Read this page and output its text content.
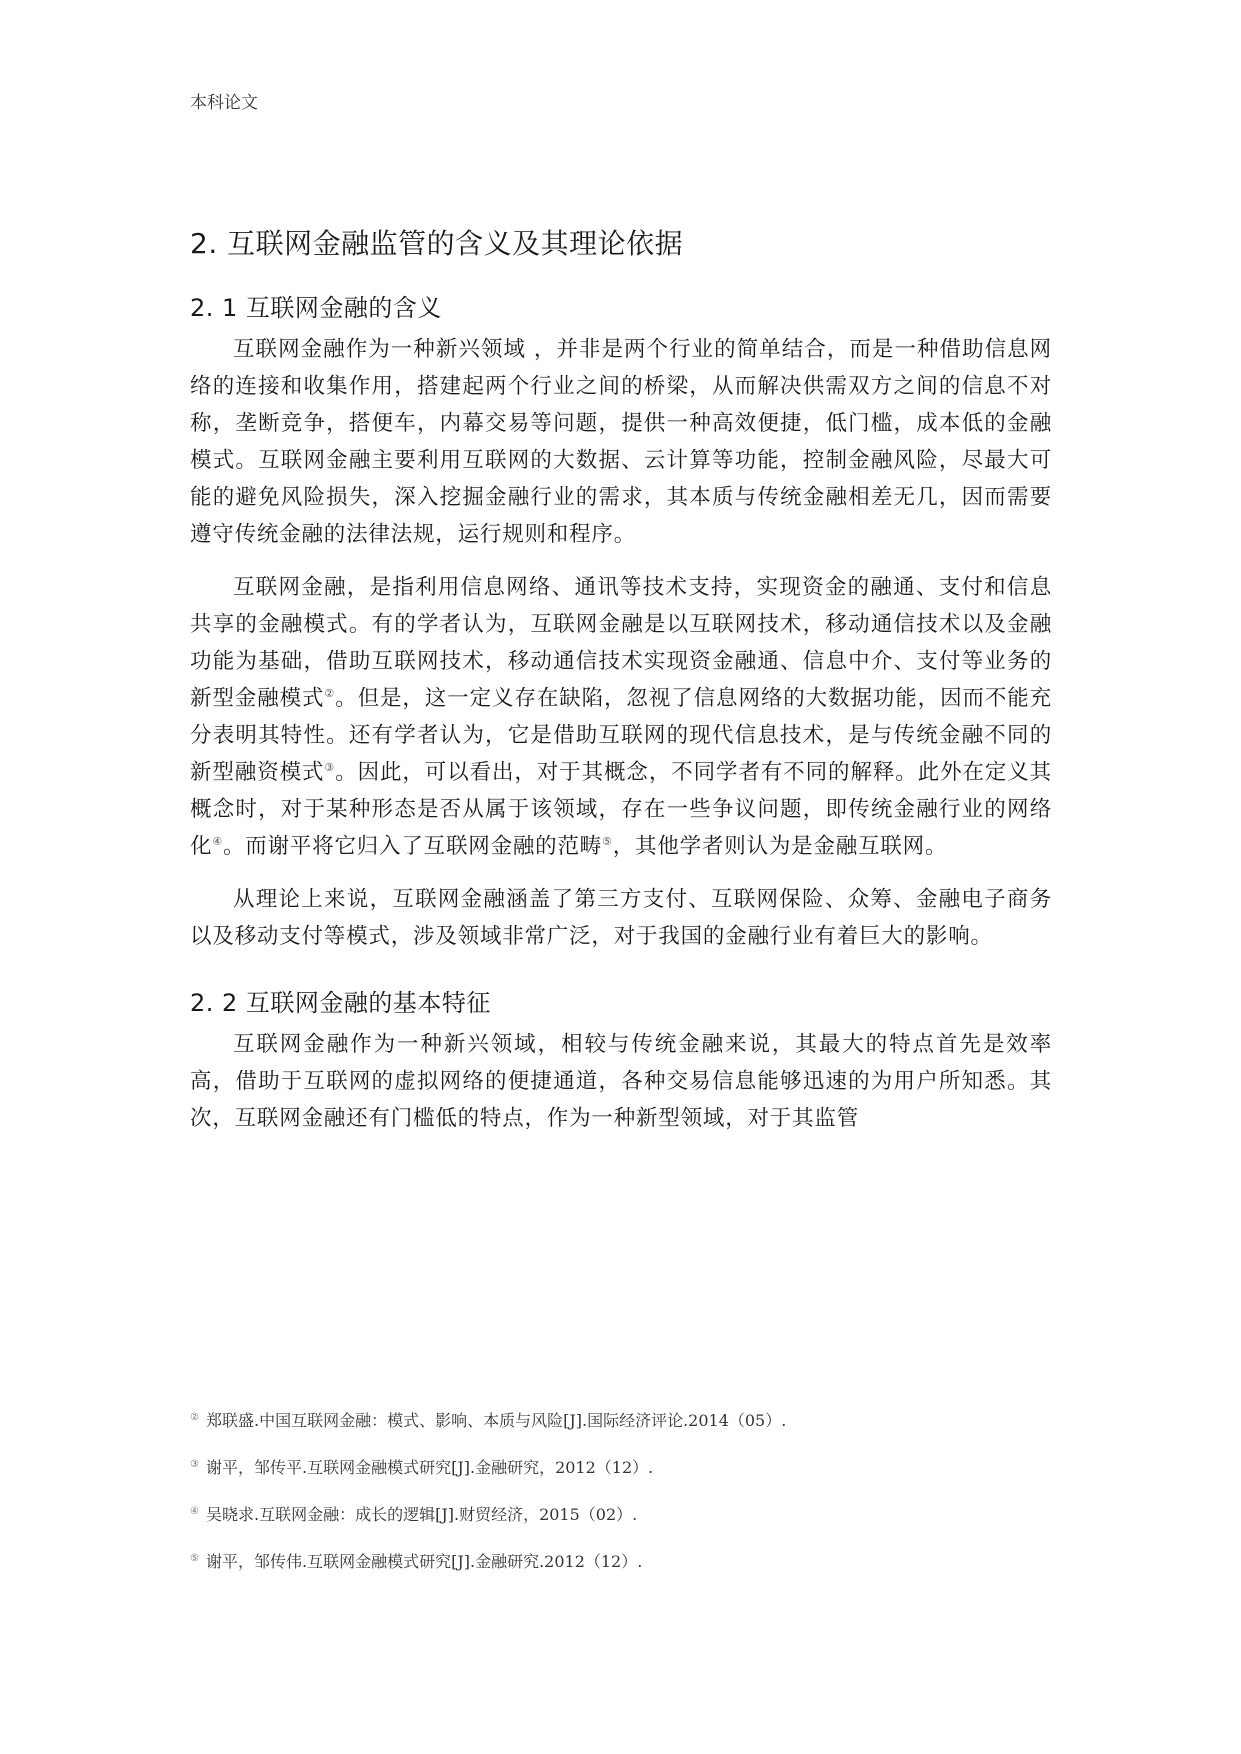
本科论文
2. 互联网金融监管的含义及其理论依据
2. 1 互联网金融的含义

互联网金融作为一种新兴领域 ，并非是两个行业的简单结合，而是一种借助信息网络的连接和收集作用，搭建起两个行业之间的桥梁，从而解决供需双方之间的信息不对称，垄断竞争，搭便车，内幕交易等问题，提供一种高效便捷，低门槛，成本低的金融模式。互联网金融主要利用互联网的大数据、云计算等功能，控制金融风险，尽最大可能的避免风险损失，深入挖掘金融行业的需求，其本质与传统金融相差无几，因而需要遵守传统金融的法律法规，运行规则和程序。

互联网金融，是指利用信息网络、通讯等技术支持，实现资金的融通、支付和信息共享的金融模式。有的学者认为，互联网金融是以互联网技术，移动通信技术以及金融功能为基础，借助互联网技术，移动通信技术实现资金融通、信息中介、支付等业务的新型金融模式②。但是，这一定义存在缺陷，忽视了信息网络的大数据功能，因而不能充分表明其特性。还有学者认为，它是借助互联网的现代信息技术，是与传统金融不同的新型融资模式③。因此，可以看出，对于其概念，不同学者有不同的解释。此外在定义其概念时，对于某种形态是否从属于该领域，存在一些争议问题，即传统金融行业的网络化④。而谢平将它归入了互联网金融的范畴⑤，其他学者则认为是金融互联网。

从理论上来说，互联网金融涵盖了第三方支付、互联网保险、众筹、金融电子商务以及移动支付等模式，涉及领域非常广泛，对于我国的金融行业有着巨大的影响。

2. 2 互联网金融的基本特征

互联网金融作为一种新兴领域，相较与传统金融来说，其最大的特点首先是效率高，借助于互联网的虚拟网络的便捷通道，各种交易信息能够迅速的为用户所知悉。其次，互联网金融还有门槛低的特点，作为一种新型领域，对于其监管

② 郑联盛.中国互联网金融：模式、影响、本质与风险[J].国际经济评论.2014（05）.
③ 谢平，邹传平.互联网金融模式研究[J].金融研究，2012（12）.
④ 吴晓求.互联网金融：成长的逻辑[J].财贸经济，2015（02）.
⑤ 谢平，邹传伟.互联网金融模式研究[J].金融研究.2012（12）.
